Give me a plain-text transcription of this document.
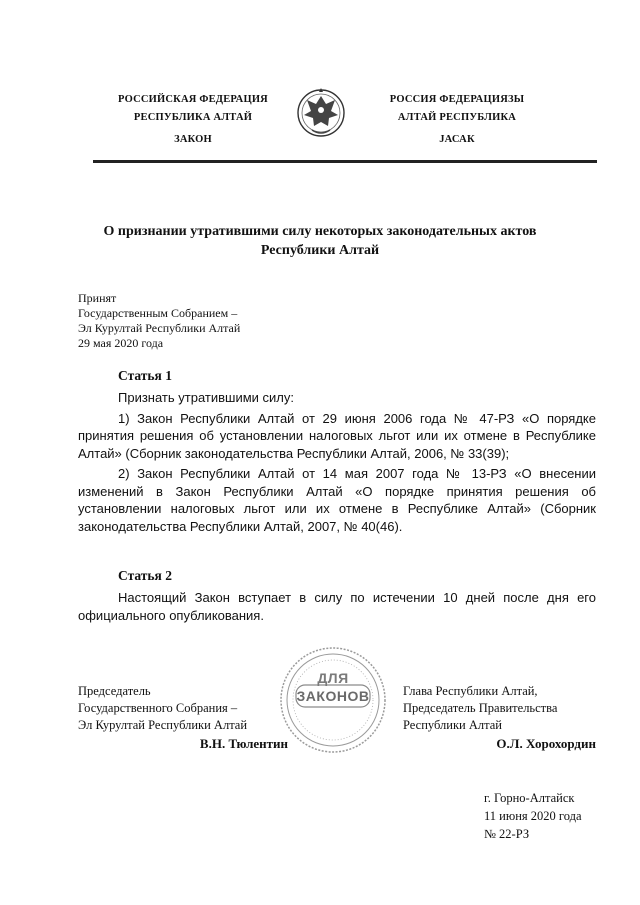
РОССИЙСКАЯ ФЕДЕРАЦИЯ
РЕСПУБЛИКА АЛТАЙ
ЗАКОН
РОССИЯ ФЕДЕРАЦИЯЗЫ
АЛТАЙ РЕСПУБЛИКА
JАСАК
О признании утратившими силу некоторых законодательных актов
Республики Алтай
Принят
Государственным Собранием –
Эл Курултай Республики Алтай
29 мая 2020 года
Статья 1

Признать утратившими силу:

1) Закон Республики Алтай от 29 июня 2006 года № 47-РЗ «О порядке принятия решения об установлении налоговых льгот или их отмене в Республике Алтай» (Сборник законодательства Республики Алтай, 2006, № 33(39);

2) Закон Республики Алтай от 14 мая 2007 года № 13-РЗ «О внесении изменений в Закон Республики Алтай «О порядке принятия решения об установлении налоговых льгот или их отмене в Республике Алтай» (Сборник законодательства Республики Алтай, 2007, № 40(46).

Статья 2

Настоящий Закон вступает в силу по истечении 10 дней после дня его официального опубликования.

ДЛЯ
ЗАКОНОВ
Председатель
Государственного Собрания –
Эл Курултай Республики Алтай
В.Н. Тюлентин
Глава Республики Алтай,
Председатель Правительства
Республики Алтай
О.Л. Хорохордин
г. Горно-Алтайск
11 июня 2020 года
№ 22-РЗ
